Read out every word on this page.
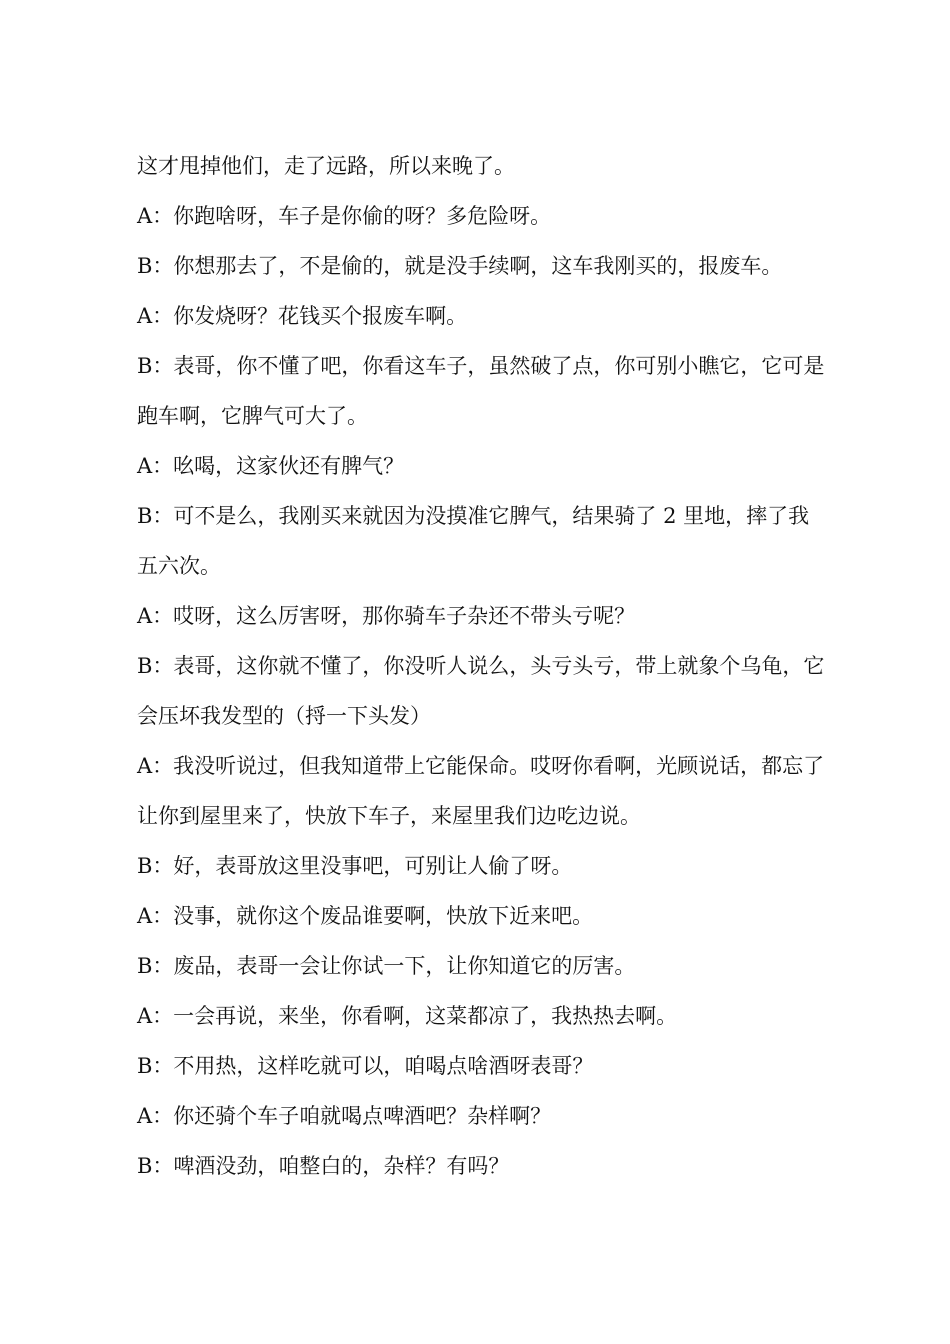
这才甩掉他们，走了远路，所以来晚了。

A：你跑啥呀，车子是你偷的呀？多危险呀。

B：你想那去了，不是偷的，就是没手续啊，这车我刚买的，报废车。

A：你发烧呀？花钱买个报废车啊。

B：表哥，你不懂了吧，你看这车子，虽然破了点，你可别小瞧它，它可是跑车啊，它脾气可大了。

A：吆喝，这家伙还有脾气？

B：可不是么，我刚买来就因为没摸准它脾气，结果骑了 2 里地，摔了我五六次。

A：哎呀，这么厉害呀，那你骑车子杂还不带头亏呢？

B：表哥，这你就不懂了，你没听人说么，头亏头亏，带上就象个乌龟，它会压坏我发型的（捋一下头发）

A：我没听说过，但我知道带上它能保命。哎呀你看啊，光顾说话，都忘了让你到屋里来了，快放下车子，来屋里我们边吃边说。

B：好，表哥放这里没事吧，可别让人偷了呀。

A：没事，就你这个废品谁要啊，快放下近来吧。

B：废品，表哥一会让你试一下，让你知道它的厉害。

A：一会再说，来坐，你看啊，这菜都凉了，我热热去啊。

B：不用热，这样吃就可以，咱喝点啥酒呀表哥？

A：你还骑个车子咱就喝点啤酒吧？杂样啊？

B：啤酒没劲，咱整白的，杂样？有吗？
